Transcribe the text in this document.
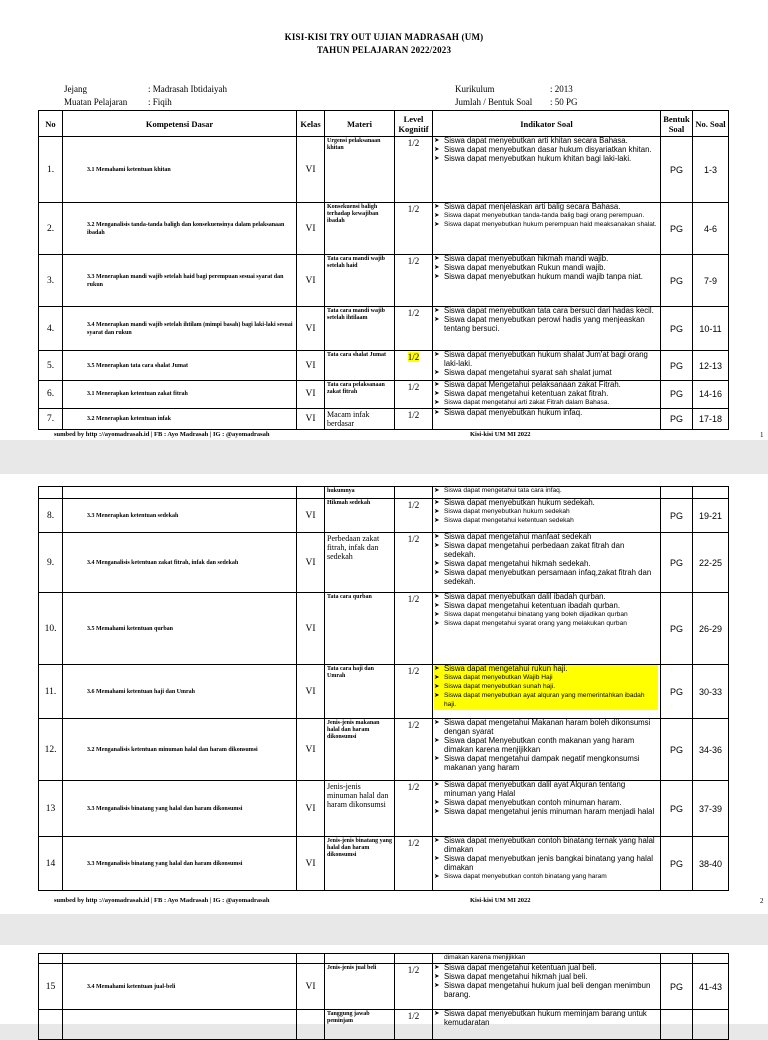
KISI-KISI TRY OUT UJIAN MADRASAH (UM)
TAHUN PELAJARAN 2022/2023
Jejang	: Madrasah Ibtidaiyah
Muatan Pelajaran : Fiqih
Kurikulum	: 2013
Jumlah / Bentuk Soal : 50 PG
No	Kompetensi Dasar	Kelas	Materi	Level Kognitif	Indikator Soal	Bentuk Soal	No. Soal
1.	3.1 Memahami ketentuan khitan	VI	Urgensi pelaksanaan khitan	1/2	➤ Siswa dapat menyebutkan arti khitan secara Bahasa.
➤ Siswa dapat menyebutkan dasar hukum disyariatkan khitan.
➤ Siswa dapat menyebutkan hukum khitan bagi laki-laki.	PG	1-3
2.	3.2 Menganalisis tanda-tanda baligh dan konsekuensinya dalam pelaksanaan ibadah	VI	Konsekuensi baligh terhadap kewajiban ibadah	1/2	➤ Siswa dapat menjelaskan arti balig secara Bahasa.
➤ Siswa dapat menyebutkan tanda-tanda balig bagi orang perempuan.
➤ Siswa dapat menyebutkan hukum perempuan haid meaksanakan shalat.	PG	4-6
3.	3.3 Menerapkan mandi wajib setelah haid bagi perempuan sesuai syarat dan rukun	VI	Tata cara mandi wajib setelah haid	1/2	➤ Siswa dapat menyebutkan hikmah mandi wajib.
➤ Siswa dapat menyebutkan Rukun mandi wajib.
➤ Siswa dapat menyebutkan hukum mandi wajib tanpa niat.	PG	7-9
4.	3.4 Menerapkan mandi wajib setelah ihtilam (mimpi basah) bagi laki-laki sesuai syarat dan rukun	VI	Tata cara mandi wajib setelah ihtilaam	1/2	➤ Siswa dapat menyebutkan tata cara bersuci dari hadas kecil.
➤ Siswa dapat menyebutkan perowi hadis yang menjeaskan tentang bersuci.	PG	10-11
5.	3.5 Menerapkan tata cara shalat Jumat	VI	Tata cara shalat Jumat	1/2	➤ Siswa dapat menyebutkan hukum shalat Jum'at bagi orang laki-laki.
➤ Siswa dapat mengetahui syarat sah shalat jumat	PG	12-13
6.	3.1 Menerapkan ketentuan zakat fitrah	VI	Tata cara pelaksanaan zakat fitrah	1/2	➤ Siswa dapat Mengetahui pelaksanaan zakat Fitrah.
➤ Siswa dapat mengetahui ketentuan zakat fitrah.
➤ Siswa dapat mengetahui arti zakat Fitrah dalam Bahasa.	PG	14-16
7.	3.2 Menerapkan ketentuan infak	VI	Macam infak berdasar	1/2	➤ Siswa dapat menyebutkan hukum infaq.	PG	17-18
sumbed by http ://ayomadrasah.id | FB : Ayo Madrasah | IG : @ayomadrasah	Kisi-kisi UM MI 2022	1
			hukumnya		➤ Siswa dapat mengetahui tata cara infaq.

8.	3.3 Menerapkan ketentuan sedekah	VI	Hikmah sedekah	1/2	➤ Siswa dapat menyebutkan hukum sedekah.
➤ Siswa dapat menyebutkan hukum sedekah
➤ Siswa dapat mengetahui ketentuan sedekah	PG	19-21
9.	3.4 Menganalisis ketentuan zakat fitrah, infak dan sedekah	VI	Perbedaan zakat fitrah, infak dan sedekah	1/2	➤ Siswa dapat mengetahui manfaat sedekah
➤ Siswa dapat mengetahui perbedaan zakat fitrah dan sedekah.
➤ Siswa dapat mengetahui hikmah sedekah.
➤ Siswa dapat menyebutkan persamaan infaq,zakat fitrah dan sedekah.	PG	22-25
10.	3.5 Memahami ketentuan qurban	VI	Tata cara qurban	1/2	➤ Siswa dapat menyebutkan dalil ibadah qurban.
➤ Siswa dapat mengetahui ketentuan ibadah qurban.
➤ Siswa dapat mengetahui binatang yang boleh dijadikan qurban
➤ Siswa dapat mengetahui syarat orang yang melakukan qurban	PG	26-29
11.	3.6 Memahami ketentuan haji dan Umrah	VI	Tata cara haji dan Umrah	1/2	➤ Siswa dapat mengetahui rukun haji.
➤ Siswa dapat menyebutkan Wajib Haji
➤ Siswa dapat menyebutkan sunah haji.
➤ Siswa dapat menyebutkan ayat alquran yang memerintahkan ibadah haji.	PG	30-33
12.	3.2 Menganalisis ketentuan minuman halal dan haram dikonsumsi	VI	Jenis-jenis makanan halal dan haram dikonsumsi	1/2	➤ Siswa dapat mengetahui Makanan haram boleh dikonsumsi dengan syarat
➤ Siswa dapat Menyebutkan conth makanan yang haram dimakan karena menjijikkan
➤ Siswa dapat mengetahui dampak negatif mengkonsumsi makanan yang haram	PG	34-36
13	3.3 Menganalisis binatang yang halal dan haram dikonsumsi	VI	Jenis-jenis minuman halal dan haram dikonsumsi	1/2	➤ Siswa dapat menyebutkan dalil ayat Alquran tentang minuman yang Halal
➤ Siswa dapat menyebutkan contoh minuman haram.
➤ Siswa dapat mengetahui jenis minuman haram menjadi halal	PG	37-39
14	3.3 Menganalisis binatang yang halal dan haram dikonsumsi	VI	Jenis-jenis binatang yang halal dan haram dikonsumsi	1/2	➤ Siswa dapat menyebutkan contoh binatang ternak yang halal dimakan
➤ Siswa dapat menyebutkan jenis bangkai binatang yang halal dimakan
➤ Siswa dapat menyebutkan contoh binatang yang haram	PG	38-40
sumbed by http ://ayomadrasah.id | FB : Ayo Madrasah | IG : @ayomadrasah	Kisi-kisi UM MI 2022	2

					dimakan karena menjijikkan		

15	3.4 Memahami ketentuan jual-beli	VI	Jenis-jenis jual beli	1/2	➤ Siswa dapat mengetahui ketentuan jual beli.
➤ Siswa dapat mengetahui hikmah jual beli.
➤ Siswa dapat mengetahui hukum jual beli dengan menimbun barang.	PG	41-43
			Tanggung jawab peminjam	1/2	➤ Siswa dapat menyebutkan hukum meminjam barang untuk kemudaratan
